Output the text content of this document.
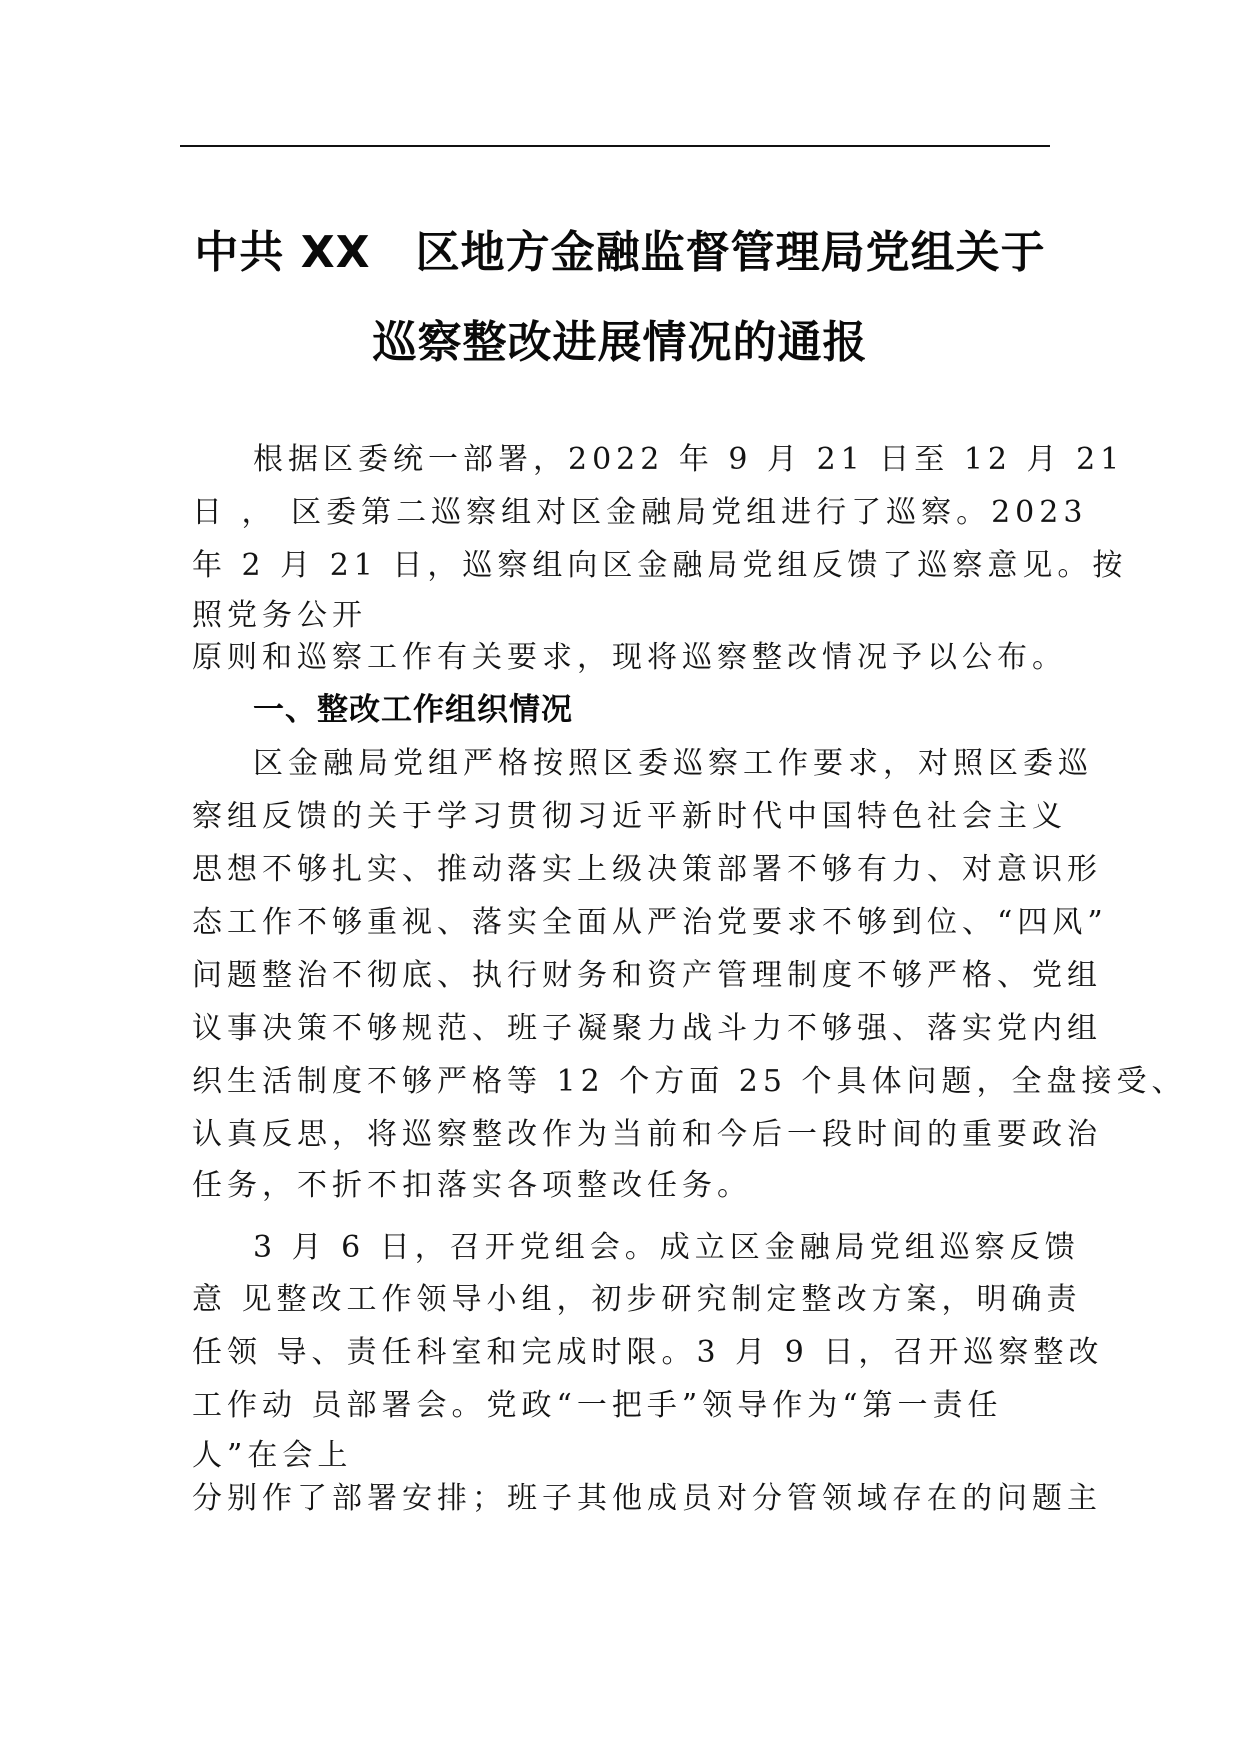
中共 XX　区地方金融监督管理局党组关于
巡察整改进展情况的通报
根据区委统一部署，2022 年 9 月 21 日至 12 月 21
日 ， 区委第二巡察组对区金融局党组进行了巡察。2023
年 2 月 21 日，巡察组向区金融局党组反馈了巡察意见。按
照党务公开
原则和巡察工作有关要求，现将巡察整改情况予以公布。
一、整改工作组织情况
区金融局党组严格按照区委巡察工作要求，对照区委巡
察组反馈的关于学习贯彻习近平新时代中国特色社会主义
思想不够扎实、推动落实上级决策部署不够有力、对意识形
态工作不够重视、落实全面从严治党要求不够到位、“四风”
问题整治不彻底、执行财务和资产管理制度不够严格、党组
议事决策不够规范、班子凝聚力战斗力不够强、落实党内组
织生活制度不够严格等 12 个方面 25 个具体问题，全盘接受、
认真反思，将巡察整改作为当前和今后一段时间的重要政治
任务，不折不扣落实各项整改任务。
3 月 6 日，召开党组会。成立区金融局党组巡察反馈
意 见整改工作领导小组，初步研究制定整改方案，明确责
任领 导、责任科室和完成时限。3 月 9 日，召开巡察整改
工作动 员部署会。党政“一把手”领导作为“第一责任
人”在会上
分别作了部署安排；班子其他成员对分管领域存在的问题主
